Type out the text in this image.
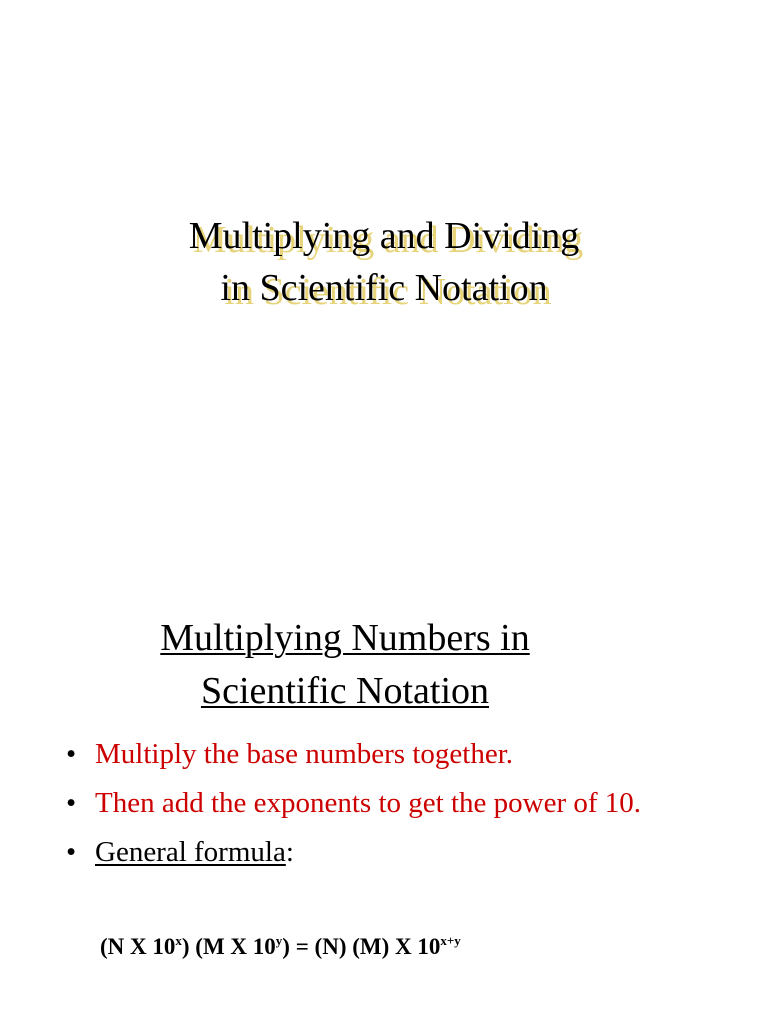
Multiplying and Dividing
in Scientific Notation
Multiplying Numbers in
Scientific Notation
• Multiply the base numbers together.
• Then add the exponents to get the power of 10.
• General formula:
(N X 10$^x$) (M X $10^y) = (N)$ (M) X $10^{x+y}$
